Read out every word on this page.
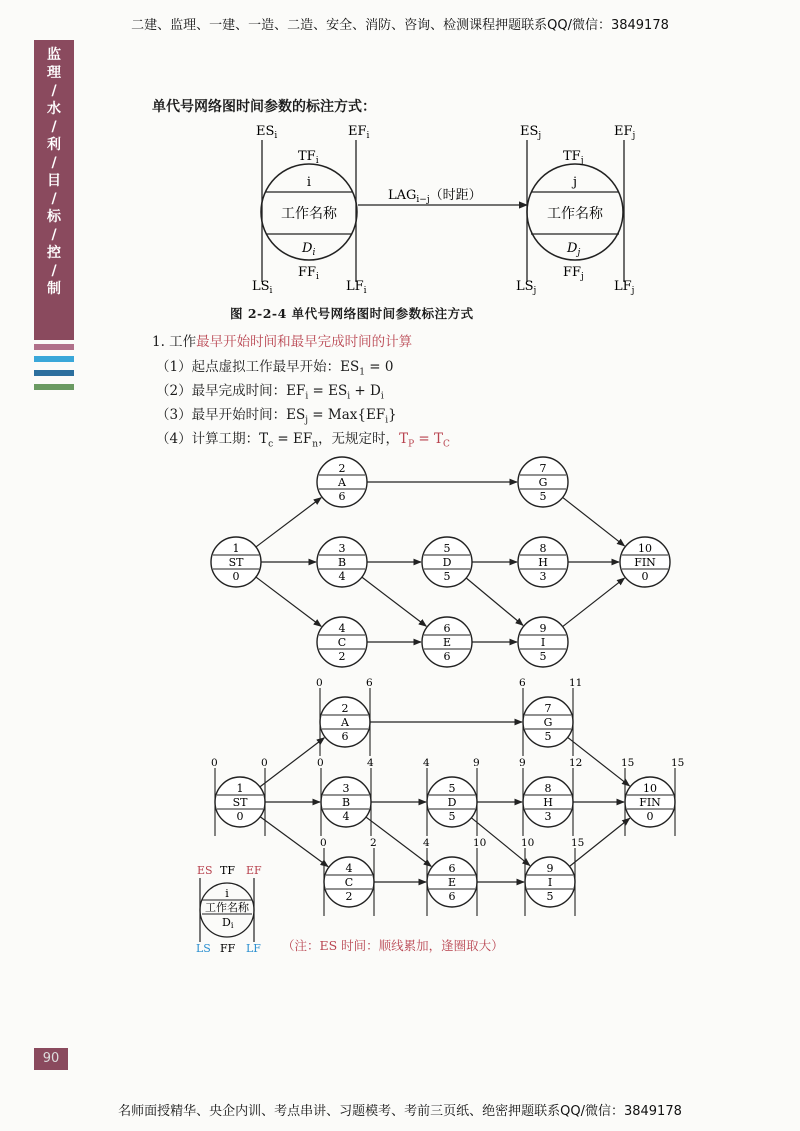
二建、监理、一建、一造、二造、安全、消防、咨询、检测课程押题联系QQ/微信：3849178
名师面授精华、央企内训、考点串讲、习题模考、考前三页纸、绝密押题联系QQ/微信：3849178
监
理
/
水
/
利
/
目
/
标
/
控
/
制
90
单代号网络图时间参数的标注方式：
$ES_i$	$EF_i$
$TF_i$
i
工作名称
$D_i$
$FF_i$
$LS_i$	$LF_i$
$LAG_{i-j}$（时距）
$ES_j$	$EF_j$
$TF_j$
j
工作名称
$D_j$
$FF_j$
$LS_j$	$LF_j$
1
ST
0
2
A
6
3
B
4
4
C
2
5
D
5
6
E
6
7
G
5
8
H
3
9
I
5
10
FIN
0
1
ST
0
0	0
2
A
6
0	6
3
B
4
0	4
4
C
2
0	2
5
D
5
4	9
6
E
6
4	10
7
G
5
6	11
8
H
3
9	12
9
I
5
10	15
10
FIN
0
15	15
ES TF EF
i
工作名称
Di
LS FF LF （注：ES 时间：顺线累加，逢圈取大）
图 2-2-4 单代号网络图时间参数标注方式
1. 工作最早开始时间和最早完成时间的计算
（1）起点虚拟工作最早开始：$ES_1 = 0$
（2）最早完成时间：$EF_i = ES_i + D_i$
（3）最早开始时间：$ES_j = Max\{EF_i\}$
（4）计算工期：$T_c = EF_n$，无规定时，$T_P = T_C$
